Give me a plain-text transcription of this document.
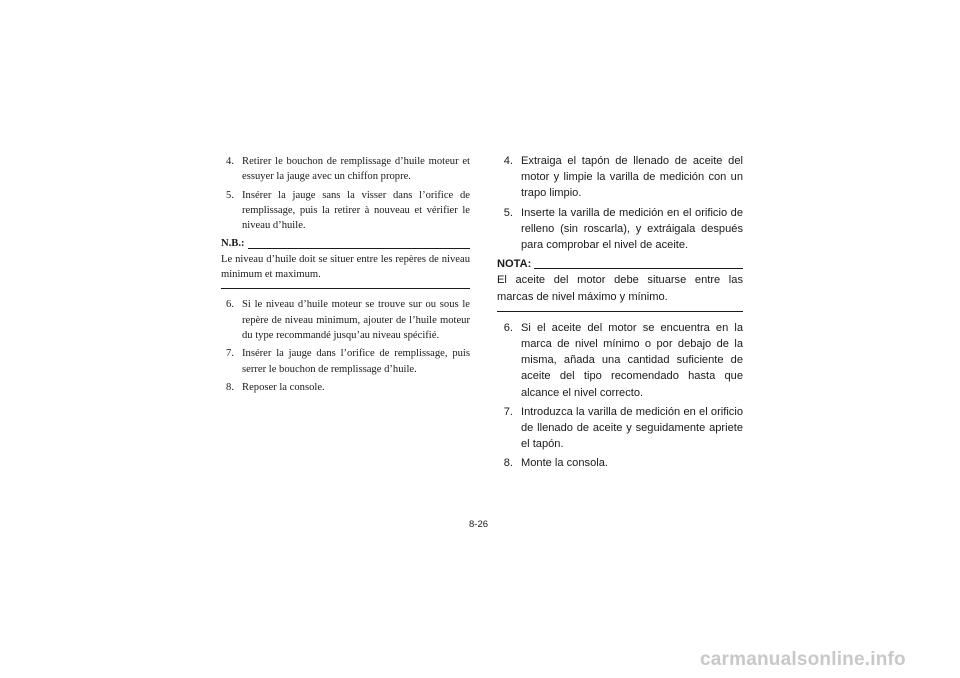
4. Retirer le bouchon de remplissage d’huile moteur et essuyer la jauge avec un chiffon propre.
5. Insérer la jauge sans la visser dans l’orifice de remplissage, puis la retirer à nouveau et vérifier le niveau d’huile.
N.B.:

Le niveau d’huile doit se situer entre les repères de niveau minimum et maximum.

6. Si le niveau d’huile moteur se trouve sur ou sous le repère de niveau minimum, ajouter de l’huile moteur du type recommandé jusqu’au niveau spécifié.
7. Insérer la jauge dans l’orifice de remplissage, puis serrer le bouchon de remplissage d’huile.
8. Reposer la console.
4. Extraiga el tapón de llenado de aceite del motor y limpie la varilla de medición con un trapo limpio.
5. Inserte la varilla de medición en el orificio de relleno (sin roscarla), y extráigala después para comprobar el nivel de aceite.
NOTA:

El aceite del motor debe situarse entre las marcas de nivel máximo y mínimo.

6. Si el aceite del motor se encuentra en la marca de nivel mínimo o por debajo de la misma, añada una cantidad suficiente de aceite del tipo recomendado hasta que alcance el nivel correcto.
7. Introduzca la varilla de medición en el orificio de llenado de aceite y seguidamente apriete el tapón.
8. Monte la consola.
8-26
carmanualsonline.info
